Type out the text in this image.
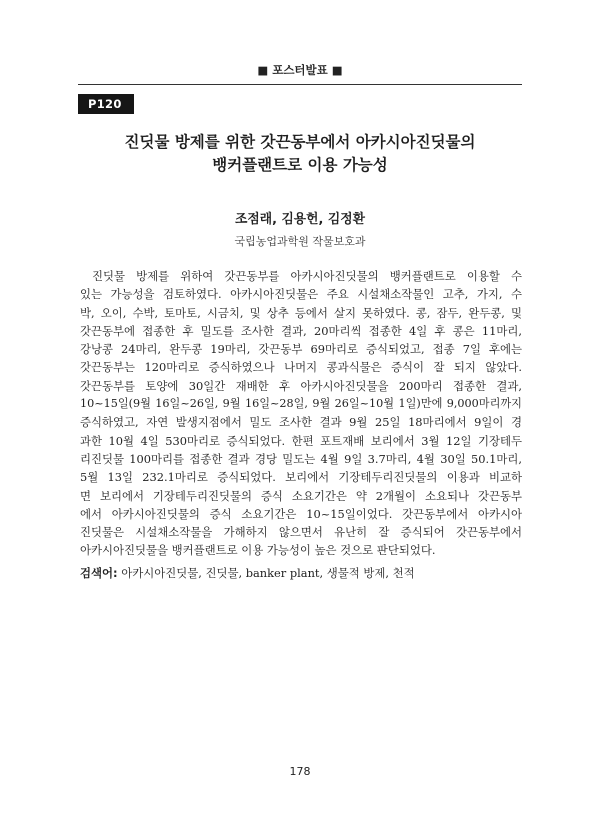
■ 포스터발표 ■
P120
진딧물 방제를 위한 갓끈동부에서 아카시아진딧물의
뱅커플랜트로 이용 가능성
조점래, 김용헌, 김정환
국립농업과학원 작물보호과
진딧물 방제를 위하여 갓끈동부를 아카시아진딧물의 뱅커플랜트로 이용할 수
있는 가능성을 검토하였다. 아카시아진딧물은 주요 시설채소작물인 고추, 가지, 수
박, 오이, 수박, 토마토, 시금치, 및 상추 등에서 살지 못하였다. 콩, 잠두, 완두콩, 및
갓끈동부에 접종한 후 밀도를 조사한 결과, 20마리씩 접종한 4일 후 콩은 11마리,
강낭콩 24마리, 완두콩 19마리, 갓끈동부 69마리로 증식되었고, 접종 7일 후에는
갓끈동부는 120마리로 증식하였으나 나머지 콩과식물은 증식이 잘 되지 않았다.
갓끈동부를 토양에 30일간 재배한 후 아카시아진딧물을 200마리 접종한 결과,
10~15일(9월 16일~26일, 9월 16일~28일, 9월 26일~10월 1일)만에 9,000마리까지
증식하였고, 자연 발생지점에서 밀도 조사한 결과 9월 25일 18마리에서 9일이 경
과한 10월 4일 530마리로 증식되었다. 한편 포트재배 보리에서 3월 12일 기장테두
리진딧물 100마리를 접종한 결과 경당 밀도는 4월 9일 3.7마리, 4월 30일 50.1마리,
5월 13일 232.1마리로 증식되었다. 보리에서 기장테두리진딧물의 이용과 비교하
면 보리에서 기장테두리진딧물의 증식 소요기간은 약 2개월이 소요되나 갓끈동부
에서 아카시아진딧물의 증식 소요기간은 10~15일이었다. 갓끈동부에서 아카시아
진딧물은 시설채소작물을 가해하지 않으면서 유난히 잘 증식되어 갓끈동부에서
아카시아진딧물을 뱅커플랜트로 이용 가능성이 높은 것으로 판단되었다.
검색어: 아카시아진딧물, 진딧물, banker plant, 생물적 방제, 천적
178
